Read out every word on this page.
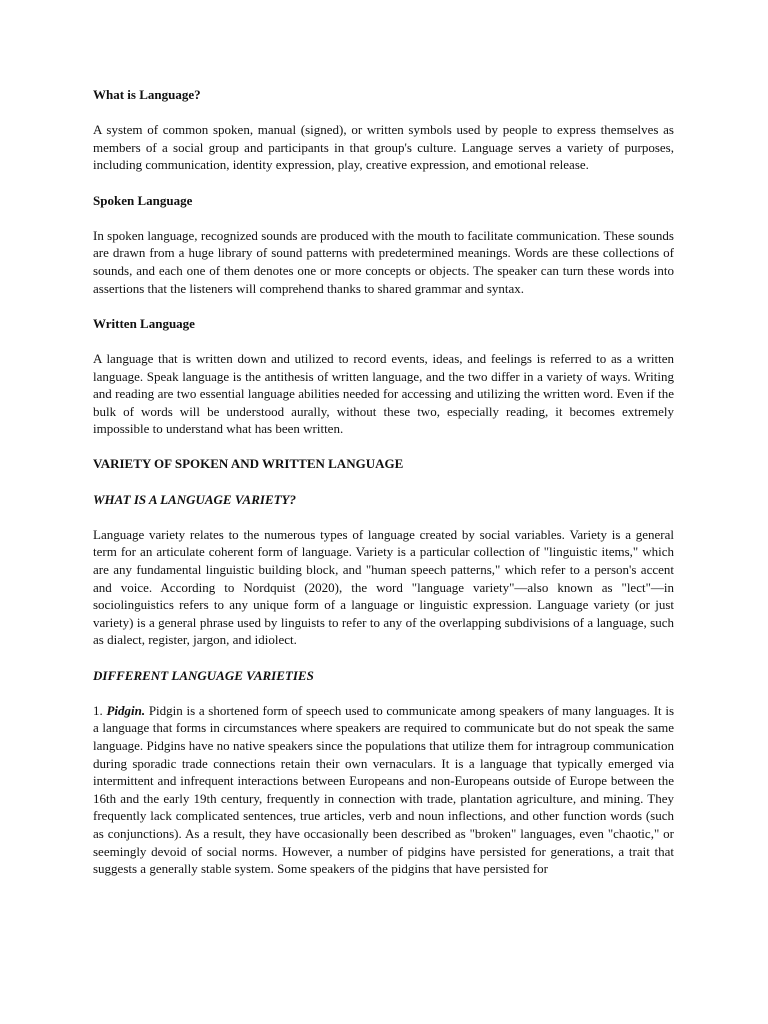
What is Language?

A system of common spoken, manual (signed), or written symbols used by people to express themselves as members of a social group and participants in that group's culture. Language serves a variety of purposes, including communication, identity expression, play, creative expression, and emotional release.

Spoken Language

In spoken language, recognized sounds are produced with the mouth to facilitate communication. These sounds are drawn from a huge library of sound patterns with predetermined meanings. Words are these collections of sounds, and each one of them denotes one or more concepts or objects. The speaker can turn these words into assertions that the listeners will comprehend thanks to shared grammar and syntax.

Written Language

A language that is written down and utilized to record events, ideas, and feelings is referred to as a written language. Speak language is the antithesis of written language, and the two differ in a variety of ways. Writing and reading are two essential language abilities needed for accessing and utilizing the written word. Even if the bulk of words will be understood aurally, without these two, especially reading, it becomes extremely impossible to understand what has been written.

VARIETY OF SPOKEN AND WRITTEN LANGUAGE

WHAT IS A LANGUAGE VARIETY?

Language variety relates to the numerous types of language created by social variables. Variety is a general term for an articulate coherent form of language. Variety is a particular collection of "linguistic items," which are any fundamental linguistic building block, and "human speech patterns," which refer to a person's accent and voice. According to Nordquist (2020), the word "language variety"—also known as "lect"—in sociolinguistics refers to any unique form of a language or linguistic expression. Language variety (or just variety) is a general phrase used by linguists to refer to any of the overlapping subdivisions of a language, such as dialect, register, jargon, and idiolect.

DIFFERENT LANGUAGE VARIETIES

1. Pidgin. Pidgin is a shortened form of speech used to communicate among speakers of many languages. It is a language that forms in circumstances where speakers are required to communicate but do not speak the same language. Pidgins have no native speakers since the populations that utilize them for intragroup communication during sporadic trade connections retain their own vernaculars. It is a language that typically emerged via intermittent and infrequent interactions between Europeans and non-Europeans outside of Europe between the 16th and the early 19th century, frequently in connection with trade, plantation agriculture, and mining. They frequently lack complicated sentences, true articles, verb and noun inflections, and other function words (such as conjunctions). As a result, they have occasionally been described as "broken" languages, even "chaotic," or seemingly devoid of social norms. However, a number of pidgins have persisted for generations, a trait that suggests a generally stable system. Some speakers of the pidgins that have persisted for
